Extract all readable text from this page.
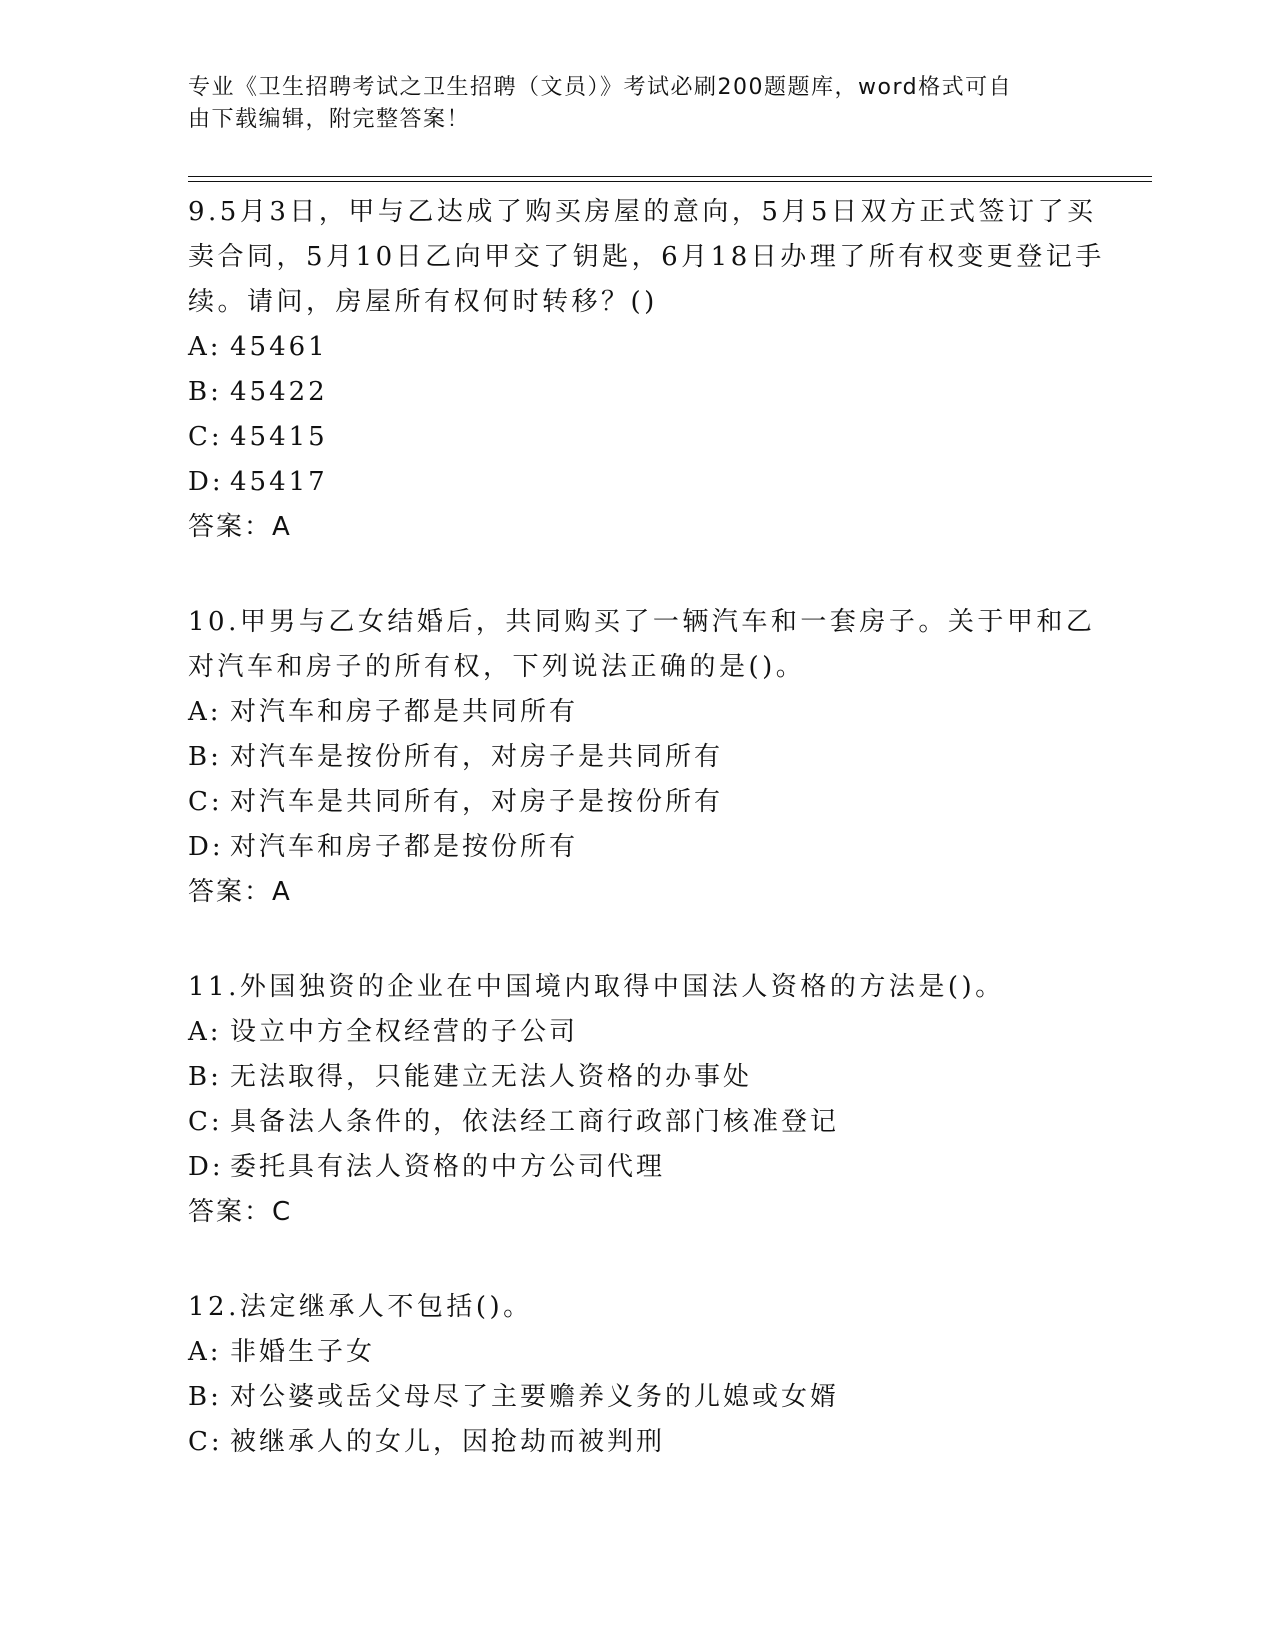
专业《卫生招聘考试之卫生招聘（文员）》考试必刷200题题库，word格式可自
由下载编辑，附完整答案！

9.5月3日，甲与乙达成了购买房屋的意向，5月5日双方正式签订了买卖合同，5月10日乙向甲交了钥匙，6月18日办理了所有权变更登记手续。请问，房屋所有权何时转移？()

A: 45461

B: 45422

C: 45415

D: 45417

答案：A

10.甲男与乙女结婚后，共同购买了一辆汽车和一套房子。关于甲和乙对汽车和房子的所有权，下列说法正确的是()。

A: 对汽车和房子都是共同所有

B: 对汽车是按份所有，对房子是共同所有

C: 对汽车是共同所有，对房子是按份所有

D: 对汽车和房子都是按份所有

答案：A

11.外国独资的企业在中国境内取得中国法人资格的方法是()。

A: 设立中方全权经营的子公司

B: 无法取得，只能建立无法人资格的办事处

C: 具备法人条件的，依法经工商行政部门核准登记

D: 委托具有法人资格的中方公司代理

答案：C

12.法定继承人不包括()。

A: 非婚生子女

B: 对公婆或岳父母尽了主要赡养义务的儿媳或女婿

C: 被继承人的女儿，因抢劫而被判刑
